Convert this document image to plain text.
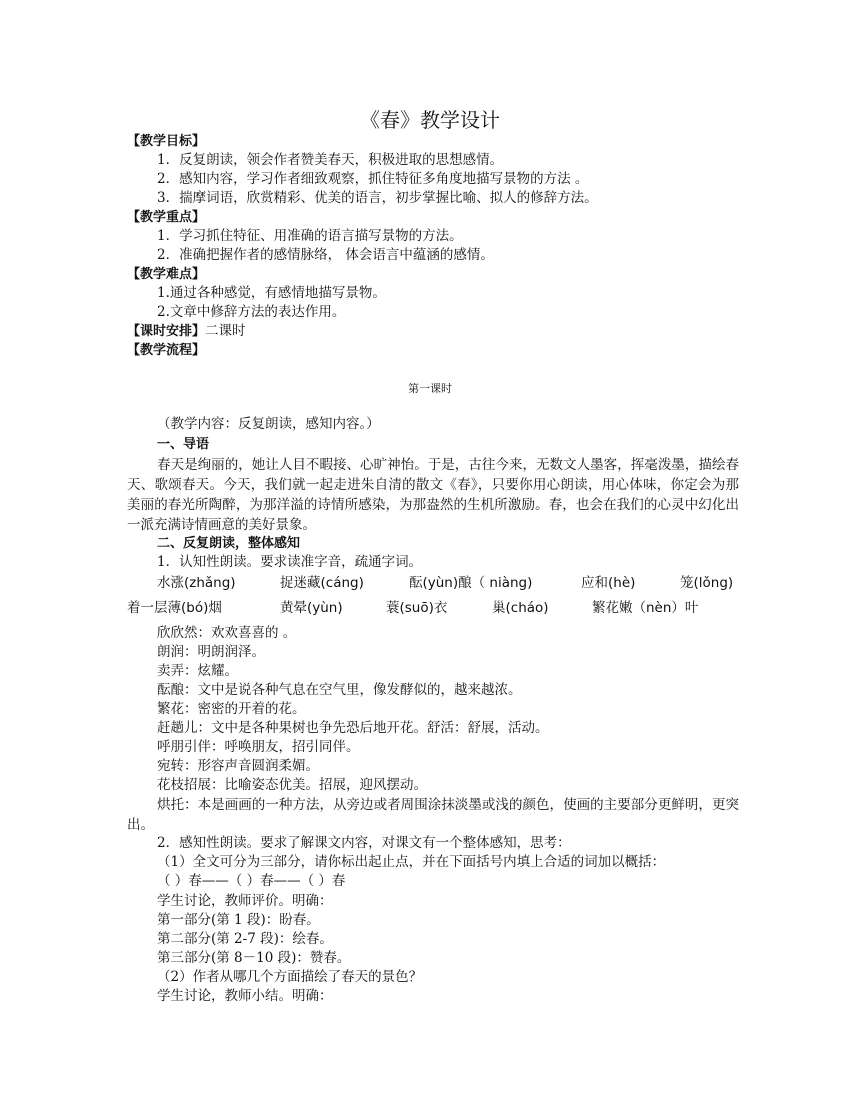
《春》教学设计
【教学目标】
1．反复朗读，领会作者赞美春天，积极进取的思想感情。
2．感知内容，学习作者细致观察，抓住特征多角度地描写景物的方法 。
3．揣摩词语，欣赏精彩、优美的语言，初步掌握比喻、拟人的修辞方法。
【教学重点】
1．学习抓住特征、用准确的语言描写景物的方法。
2．准确把握作者的感情脉络， 体会语言中蕴涵的感情。
【教学难点】
1.通过各种感觉，有感情地描写景物。
2.文章中修辞方法的表达作用。
【课时安排】二课时
【教学流程】
第一课时
（教学内容：反复朗读，感知内容。）
一、导语
春天是绚丽的，她让人目不暇接、心旷神怡。于是，古往今来，无数文人墨客，挥毫泼墨，描绘春天、歌颂春天。今天，我们就一起走进朱自清的散文《春》，只要你用心朗读，用心体味，你定会为那美丽的春光所陶醉，为那洋溢的诗情所感染，为那盎然的生机所激励。春，也会在我们的心灵中幻化出一派充满诗情画意的美好景象。
二、反复朗读，整体感知
1．认知性朗读。要求读准字音，疏通字词。
水涨(zhǎng)	捉迷藏(cáng)	酝(yùn)酿（ niàng)	应和(hè)	笼(lǒng)
着一层薄(bó)烟	黄晕(yùn)	蓑(suō)衣	巢(cháo)	繁花嫩（nèn）叶
欣欣然：欢欢喜喜的 。
朗润：明朗润泽。
卖弄：炫耀。
酝酿：文中是说各种气息在空气里，像发酵似的，越来越浓。
繁花：密密的开着的花。
赶趟儿：文中是各种果树也争先恐后地开花。舒活：舒展，活动。
呼朋引伴：呼唤朋友，招引同伴。
宛转：形容声音圆润柔媚。
花枝招展：比喻姿态优美。招展，迎风摆动。
烘托：本是画画的一种方法，从旁边或者周围涂抹淡墨或浅的颜色，使画的主要部分更鲜明，更突出。
2．感知性朗读。要求了解课文内容，对课文有一个整体感知，思考：
（1）全文可分为三部分，请你标出起止点，并在下面括号内填上合适的词加以概括：
（ ）春——（ ）春——（ ）春
学生讨论，教师评价。明确：
第一部分(第 1 段)：盼春。
第二部分(第 2-7 段)：绘春。
第三部分(第 8－10 段)：赞春。
（2）作者从哪几个方面描绘了春天的景色？
学生讨论，教师小结。明确：
